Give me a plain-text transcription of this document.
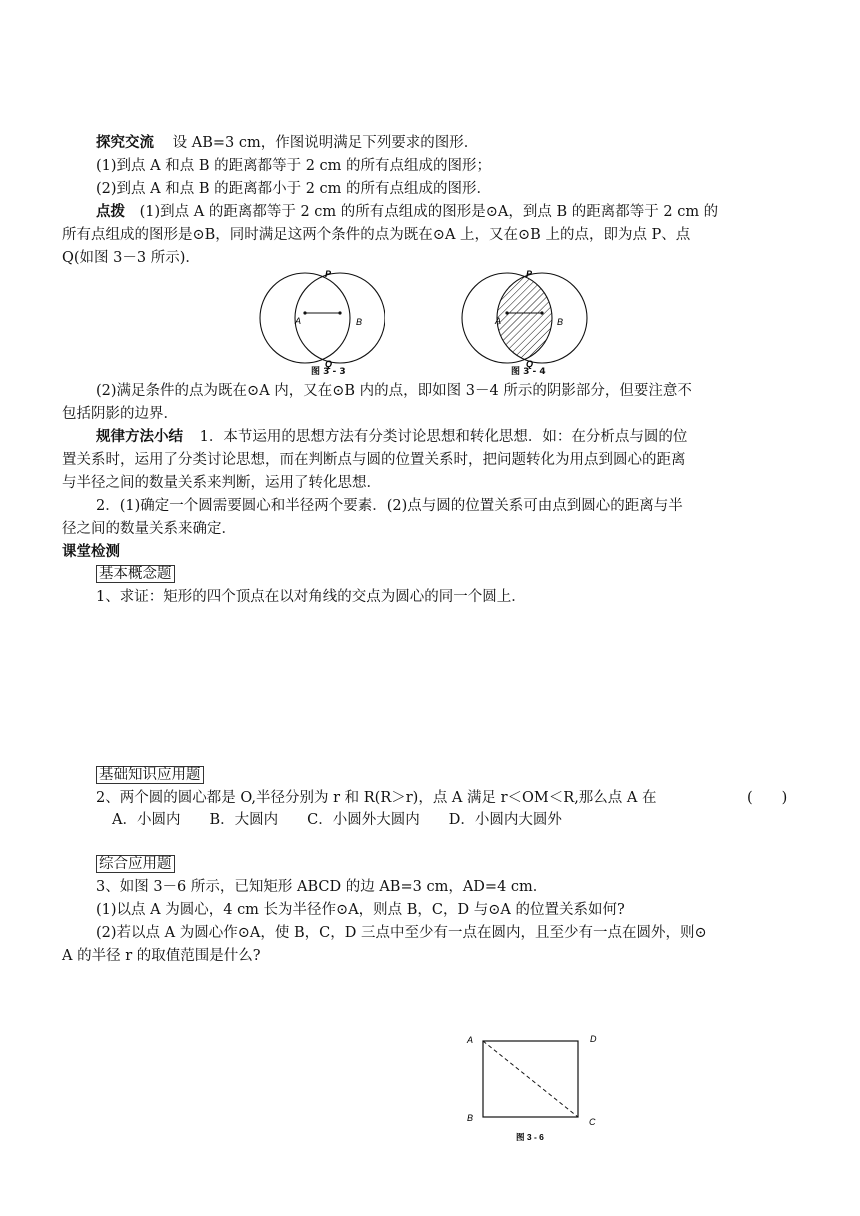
探究交流 设 AB=3 cm，作图说明满足下列要求的图形．
(1)到点 A 和点 B 的距离都等于 2 cm 的所有点组成的图形；
(2)到点 A 和点 B 的距离都小于 2 cm 的所有点组成的图形．
点拨 (1)到点 A 的距离都等于 2 cm 的所有点组成的图形是⊙A，到点 B 的距离都等于 2 cm 的
所有点组成的图形是⊙B，同时满足这两个条件的点为既在⊙A 上，又在⊙B 上的点，即为点 P、点
Q(如图 3－3 所示)．
P
Q
A	B
图 3 - 3
P
Q
A	B
图 3 - 4
(2)满足条件的点为既在⊙A 内，又在⊙B 内的点，即如图 3－4 所示的阴影部分，但要注意不
包括阴影的边界．
规律方法小结 1．本节运用的思想方法有分类讨论思想和转化思想．如：在分析点与圆的位
置关系时，运用了分类讨论思想，而在判断点与圆的位置关系时，把问题转化为用点到圆心的距离
与半径之间的数量关系来判断，运用了转化思想．
2．(1)确定一个圆需要圆心和半径两个要素．(2)点与圆的位置关系可由点到圆心的距离与半
径之间的数量关系来确定．
课堂检测
基本概念题
1、求证：矩形的四个顶点在以对角线的交点为圆心的同一个圆上．
基础知识应用题
2、两个圆的圆心都是 O,半径分别为 r 和 R(R＞r)，点 A 满足 r＜OM＜R,那么点 A 在	(　　)
A．小圆内　　B．大圆内　　C．小圆外大圆内　　D．小圆内大圆外
综合应用题
3、如图 3－6 所示，已知矩形 ABCD 的边 AB=3 cm，AD=4 cm．
(1)以点 A 为圆心，4 cm 长为半径作⊙A，则点 B，C，D 与⊙A 的位置关系如何?
(2)若以点 A 为圆心作⊙A，使 B，C，D 三点中至少有一点在圆内，且至少有一点在圆外，则⊙
A 的半径 r 的取值范围是什么?
A	D
B	C
图 3 - 6
